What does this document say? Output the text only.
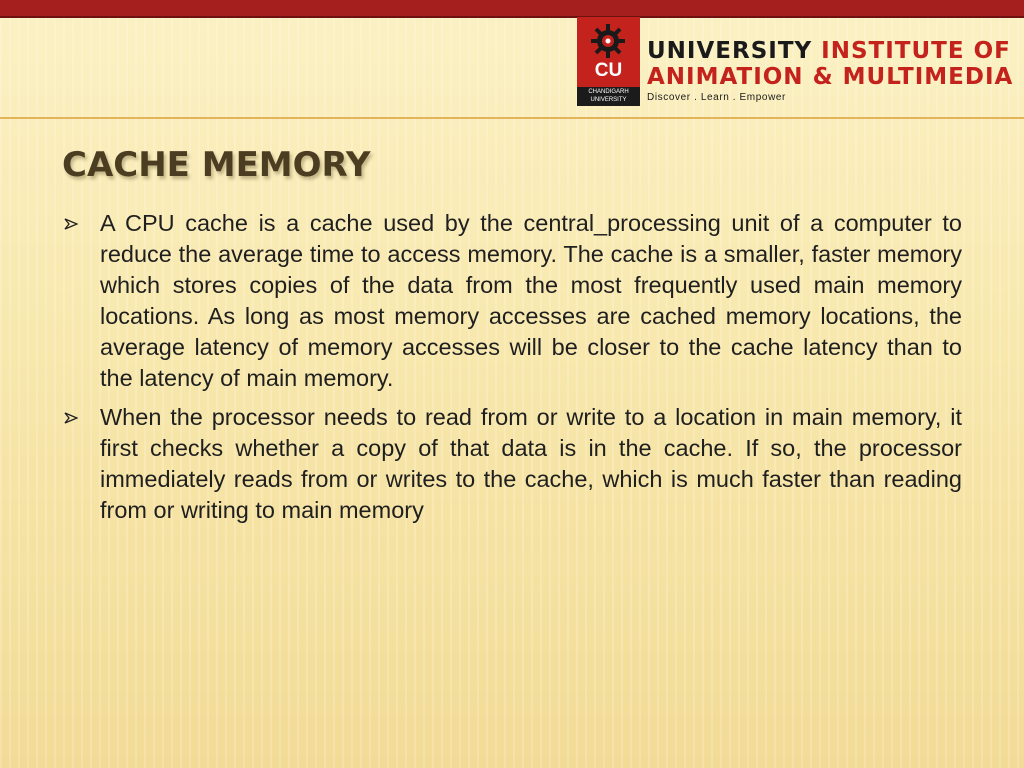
CU
CHANDIGARH
UNIVERSITY
UNIVERSITY INSTITUTE OF
ANIMATION & MULTIMEDIA
Discover . Learn . Empower
CACHE MEMORY
A CPU cache is a cache used by the central_processing unit of a computer to reduce the average time to access memory. The cache is a smaller, faster memory which stores copies of the data from the most frequently used main memory locations. As long as most memory accesses are cached memory locations, the average latency of memory accesses will be closer to the cache latency than to the latency of main memory.
When the processor needs to read from or write to a location in main memory, it first checks whether a copy of that data is in the cache. If so, the processor immediately reads from or writes to the cache, which is much faster than reading from or writing to main memory
